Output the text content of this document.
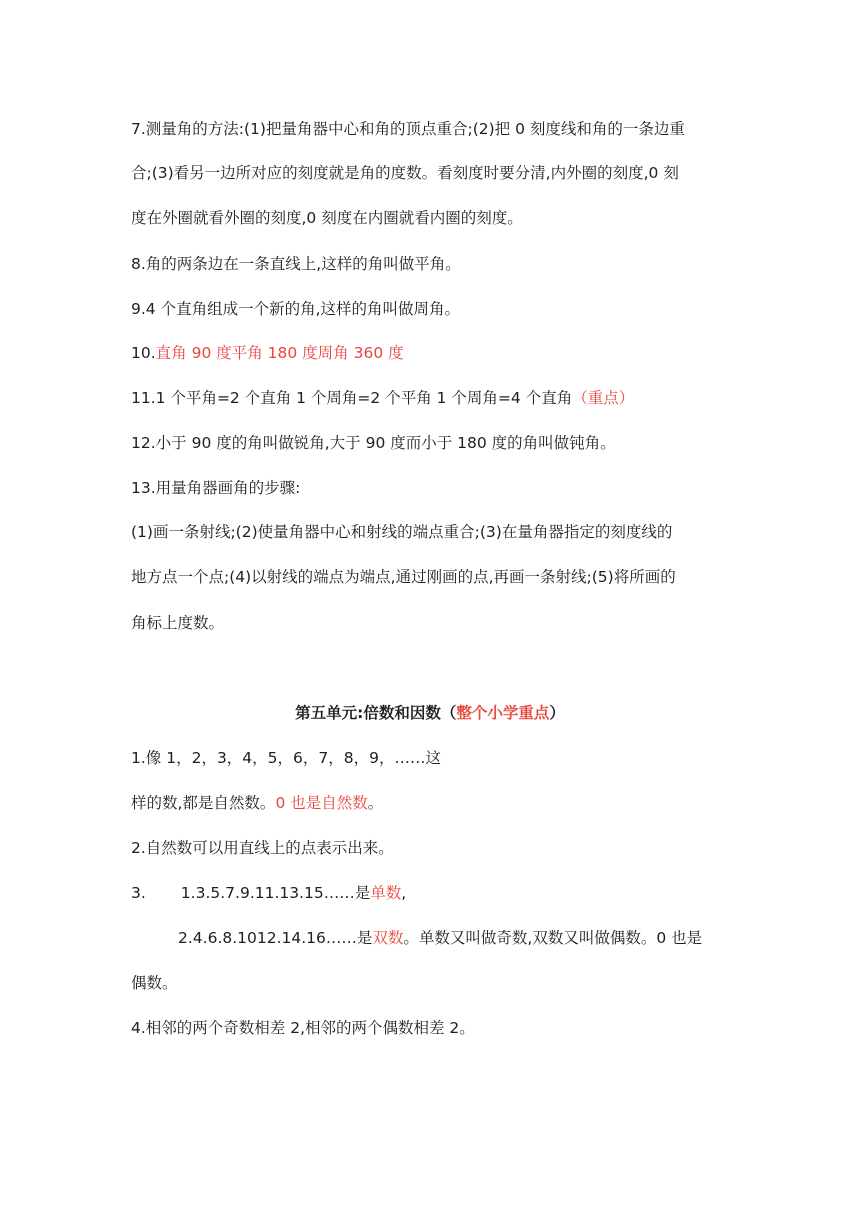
7.测量角的方法:(1)把量角器中心和角的顶点重合;(2)把 0 刻度线和角的一条边重
合;(3)看另一边所对应的刻度就是角的度数。看刻度时要分清,内外圈的刻度,0 刻
度在外圈就看外圈的刻度,0 刻度在内圈就看内圈的刻度。
8.角的两条边在一条直线上,这样的角叫做平角。
9.4 个直角组成一个新的角,这样的角叫做周角。
10.直角 90 度平角 180 度周角 360 度
11.1 个平角=2 个直角 1 个周角=2 个平角 1 个周角=4 个直角（重点）
12.小于 90 度的角叫做锐角,大于 90 度而小于 180 度的角叫做钝角。
13.用量角器画角的步骤:
(1)画一条射线;(2)使量角器中心和射线的端点重合;(3)在量角器指定的刻度线的
地方点一个点;(4)以射线的端点为端点,通过刚画的点,再画一条射线;(5)将所画的
角标上度数。
第五单元:倍数和因数（整个小学重点）
1.像 1，2，3，4，5，6，7，8，9，……这
样的数,都是自然数。0 也是自然数。
2.自然数可以用直线上的点表示出来。
3. 1.3.5.7.9.11.13.15……是单数,
2.4.6.8.1012.14.16……是双数。单数又叫做奇数,双数又叫做偶数。0 也是
偶数。
4.相邻的两个奇数相差 2,相邻的两个偶数相差 2。
